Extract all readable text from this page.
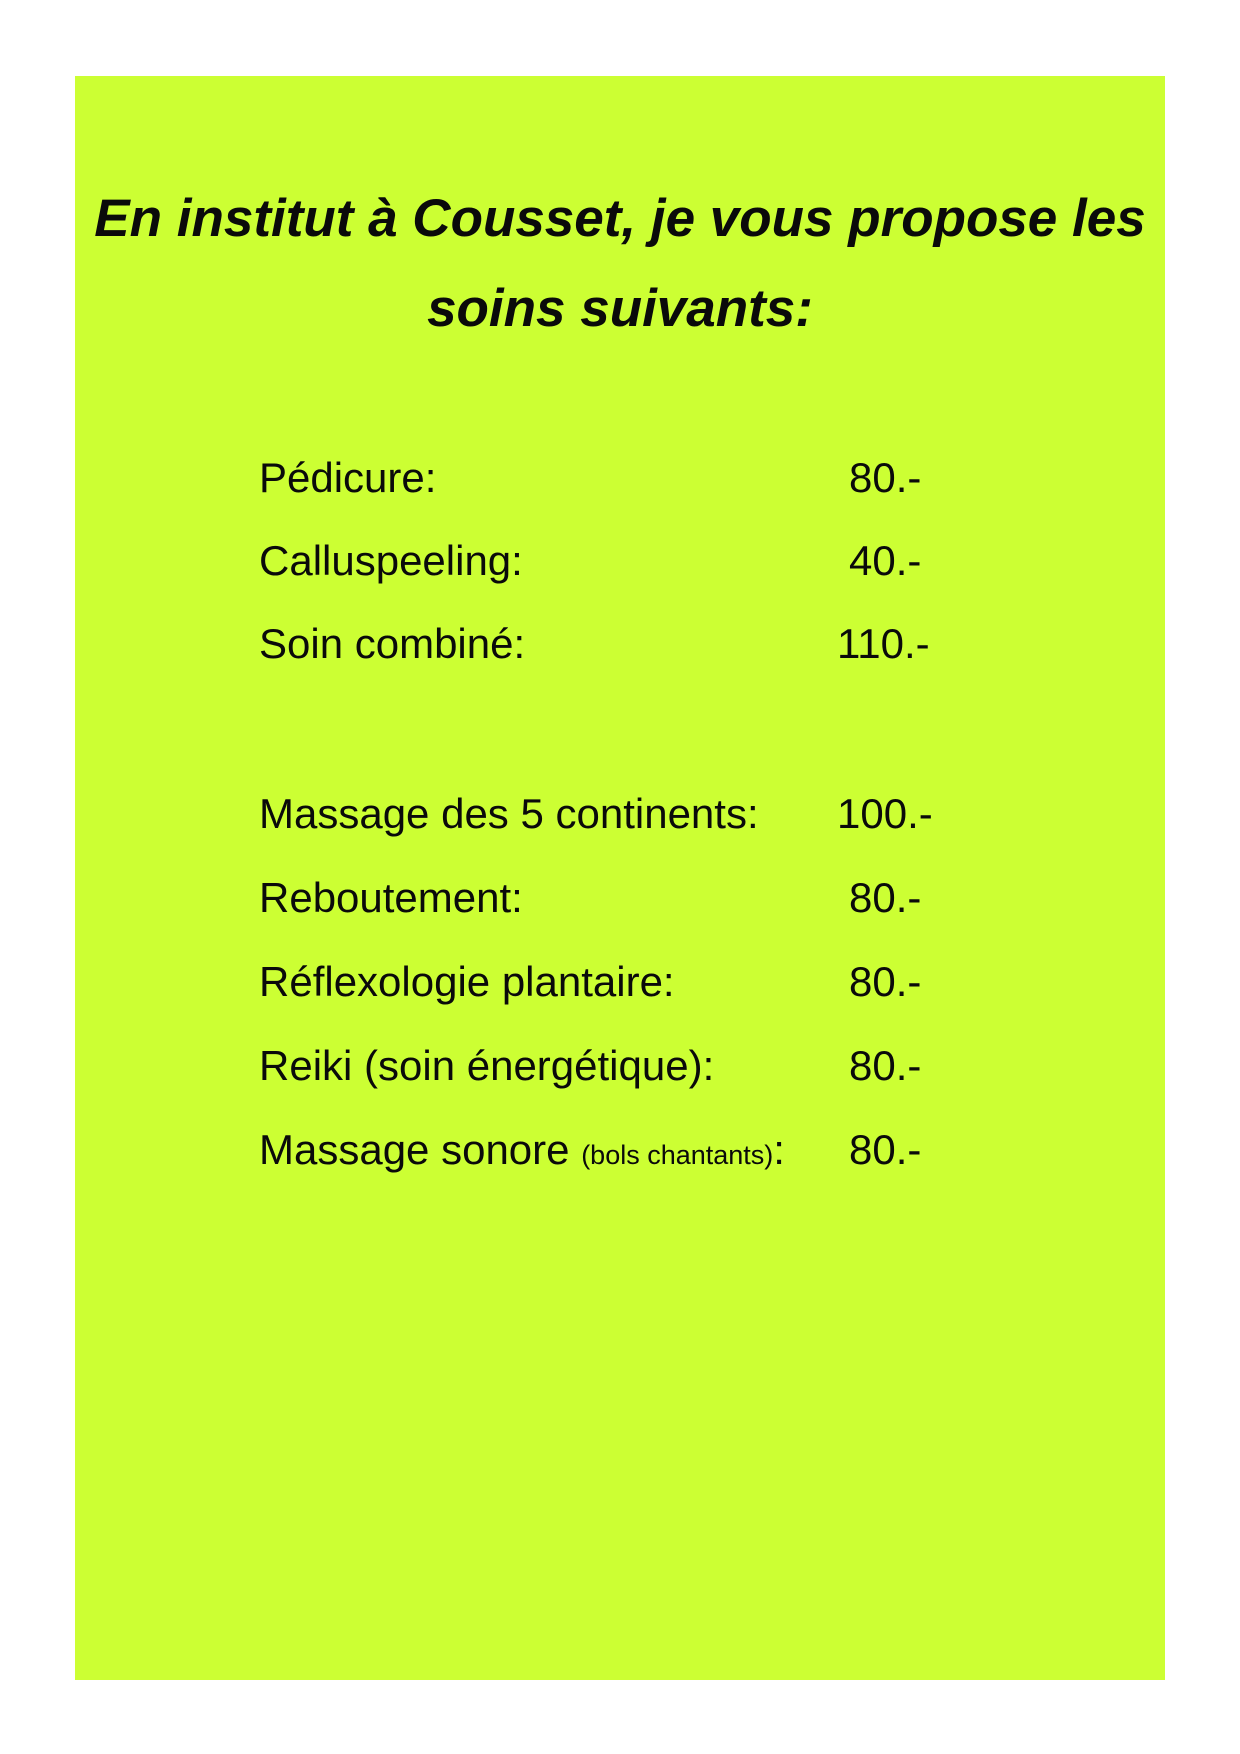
En institut à Cousset, je vous propose les
soins suivants:
Pédicure:	80.-
Calluspeeling:	40.-
Soin combiné:	110.-
Massage des 5 continents: 100.-
Reboutement:	80.-
Réflexologie plantaire:	80.-
Reiki (soin énergétique):	80.-
Massage sonore (bols chantants): 80.-
